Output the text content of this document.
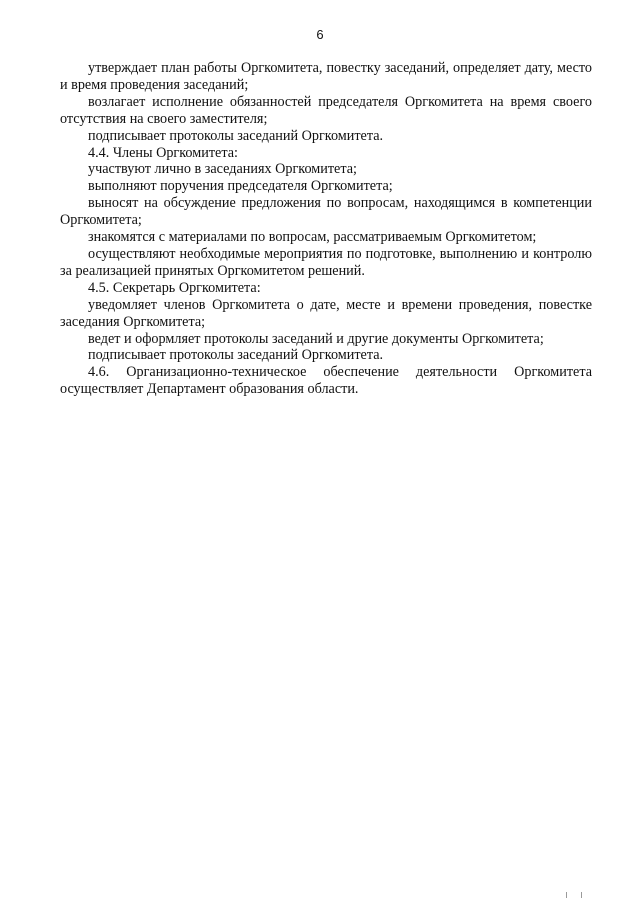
6

утверждает план работы Оргкомитета, повестку заседаний, определяет дату, место и время проведения заседаний;

возлагает исполнение обязанностей председателя Оргкомитета на время своего отсутствия на своего заместителя;

подписывает протоколы заседаний Оргкомитета.

4.4. Члены Оргкомитета:

участвуют лично в заседаниях Оргкомитета;

выполняют поручения председателя Оргкомитета;

выносят на обсуждение предложения по вопросам, находящимся в компетенции Оргкомитета;

знакомятся с материалами по вопросам, рассматриваемым Оргкомитетом;

осуществляют необходимые мероприятия по подготовке, выполнению и контролю за реализацией принятых Оргкомитетом решений.

4.5. Секретарь Оргкомитета:

уведомляет членов Оргкомитета о дате, месте и времени проведения, повестке заседания Оргкомитета;

ведет и оформляет протоколы заседаний и другие документы Оргкомитета;

подписывает протоколы заседаний Оргкомитета.

4.6. Организационно-техническое обеспечение деятельности Оргкомитета осуществляет Департамент образования области.
